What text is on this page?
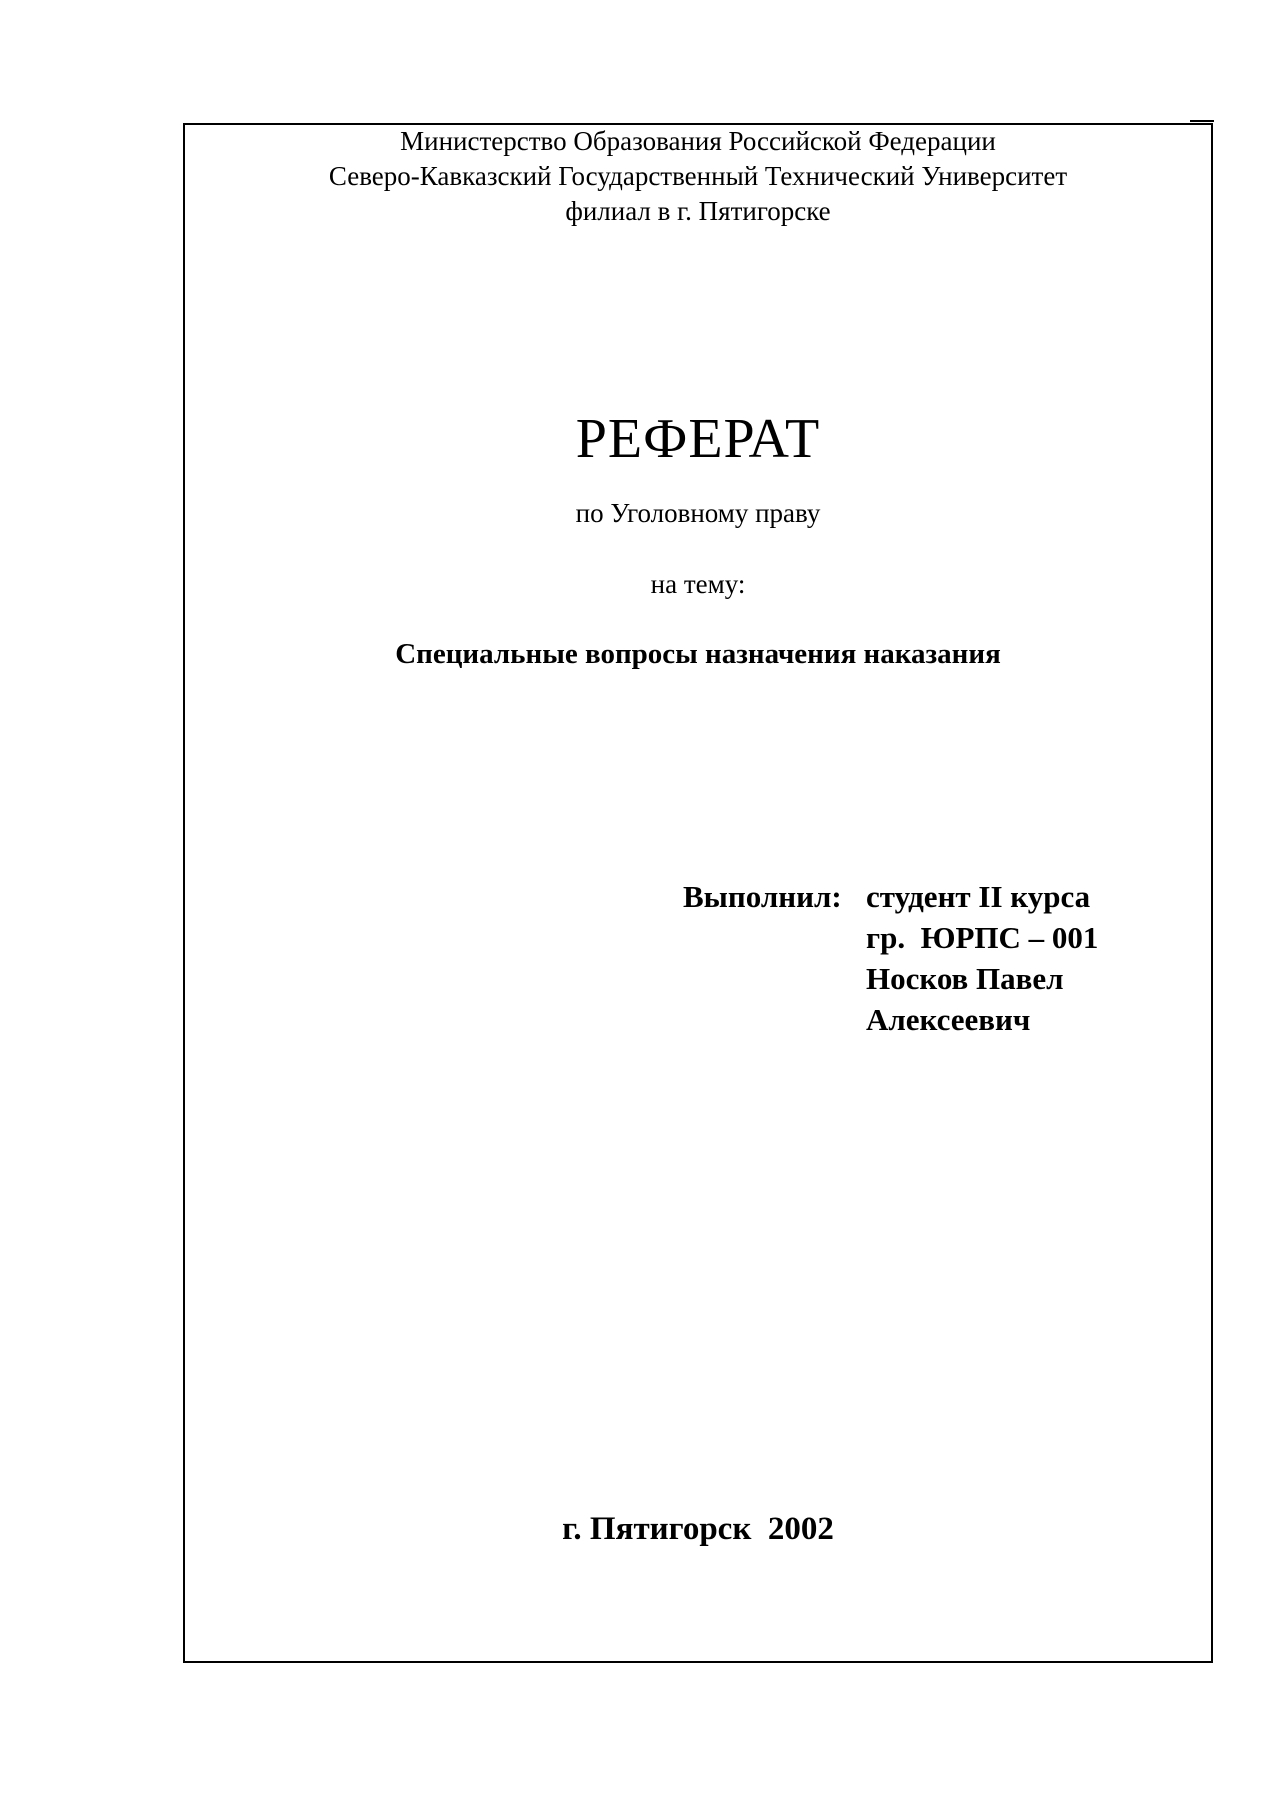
Министерство Образования Российской Федерации
Северо-Кавказский Государственный Технический Университет
филиал в г. Пятигорске
РЕФЕРАТ
по Уголовному праву
на тему:
Специальные вопросы назначения наказания
Выполнил: студент II курса
гр.  ЮРПС – 001
Носков Павел
Алексеевич
г. Пятигорск  2002
